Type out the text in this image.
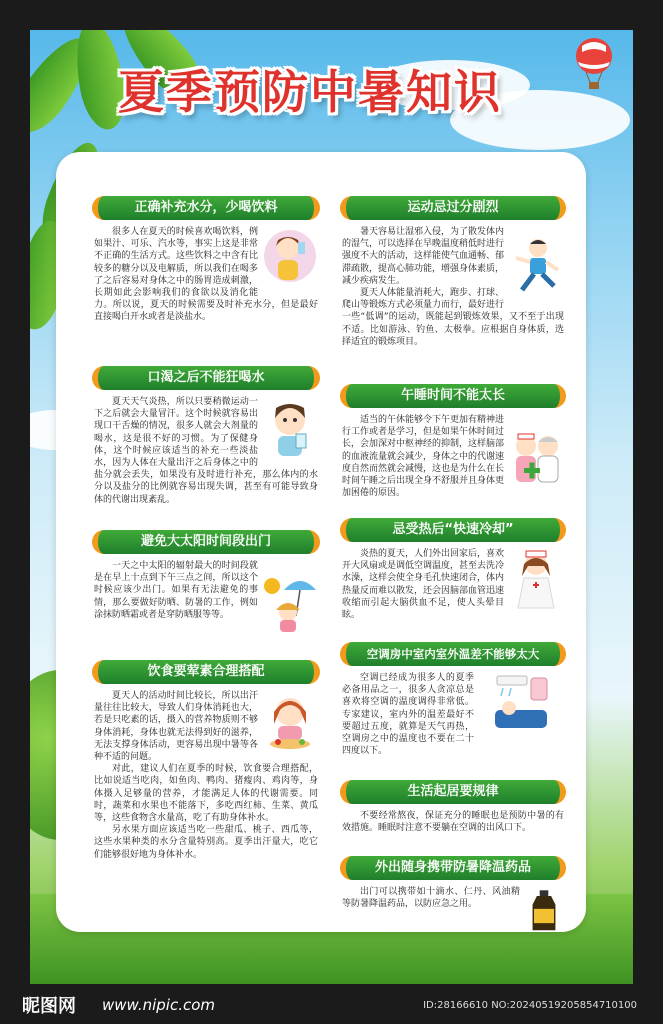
夏季预防中暑知识
正确补充水分，少喝饮料

很多人在夏天的时候喜欢喝饮料，例如果汁、可乐、汽水等，事实上这是非常不正确的生活方式。这些饮料之中含有比较多的糖分以及电解质，所以我们在喝多了之后容易对身体之中的肠胃造成刺激，长期如此会影响我们的食欲以及消化能力。所以说，夏天的时候需要及时补充水分，但是最好直接喝白开水或者是淡盐水。

口渴之后不能狂喝水

夏天天气炎热，所以只要稍微运动一下之后就会大量冒汗。这个时候就容易出现口干舌燥的情况，很多人就会大剂量的喝水，这是很不好的习惯。为了保健身体，这个时候应该适当的补充一些淡盐水，因为人体在大量出汗之后身体之中的盐分就会丢失，如果没有及时进行补充，那么体内的水分以及盐分的比例就容易出现失调，甚至有可能导致身体的代谢出现紊乱。

避免大太阳时间段出门

一天之中太阳的辐射最大的时间段就是在早上十点到下午三点之间，所以这个时候应该少出门。如果有无法避免的事情，那么要做好防晒、防暑的工作，例如涂抹防晒霜或者是穿防晒服等等。

饮食要荤素合理搭配

夏天人的活动时间比较长，所以出汗量往往比较大，导致人们身体消耗也大，若是只吃素的话，摄入的营养物质则不够身体消耗，身体也就无法得到好的滋养，无法支撑身体活动，更容易出现中暑等各种不适的问题。

对此，建议人们在夏季的时候，饮食要合理搭配，比如说适当吃肉，如鱼肉、鸭肉、猪瘦肉、鸡肉等，身体摄入足够量的营养，才能满足人体的代谢需要。同时，蔬菜和水果也不能落下，多吃西红柿、生菜、黄瓜等，这些食物含水量高，吃了有助身体补水。

另水果方面应该适当吃一些甜瓜、桃子、西瓜等，这些水果种类的水分含量特别高。夏季出汗量大，吃它们能够很好地为身体补水。

运动忌过分剧烈

暑天容易让湿邪入侵，为了散发体内的湿气，可以选择在早晚温度稍低时进行强度不大的活动，这样能使气血通畅、郁滞疏散，提高心肺功能，增强身体素质，减少疾病发生。

夏天人体能量消耗大，跑步、打球、爬山等锻炼方式必须量力而行，最好进行一些“低调”的运动，既能起到锻炼效果，又不至于出现不适。比如游泳、钓鱼、太极拳。应根据自身体质，选择适宜的锻炼项目。

午睡时间不能太长

适当的午休能够令下午更加有精神进行工作或者是学习，但是如果午休时间过长，会加深对中枢神经的抑制，这样脑部的血液流量就会减少，身体之中的代谢速度自然而然就会减慢，这也是为什么在长时间午睡之后出现全身不舒服并且身体更加困倦的原因。

忌受热后“快速冷却”

炎热的夏天，人们外出回家后，喜欢开大风扇或是调低空调温度，甚至去洗冷水澡，这样会使全身毛孔快速闭合，体内热量反而难以散发，还会因脑部血管迅速收缩而引起大脑供血不足，使人头晕目眩。

空调房中室内室外温差不能够太大

空调已经成为很多人的夏季必备用品之一，很多人贪凉总是喜欢将空调的温度调得非常低。专家建议，室内外的温差最好不要超过五度，就算是天气再热，空调房之中的温度也不要在二十四度以下。

生活起居要规律

不要经常熬夜，保证充分的睡眠也是预防中暑的有效措施。睡眠时注意不要躺在空调的出风口下。

外出随身携带防暑降温药品

出门可以携带如十滴水、仁丹、风油精等防暑降温药品，以防应急之用。

昵图网 www.nipic.com	ID:28166610 NO:20240519205854710100
